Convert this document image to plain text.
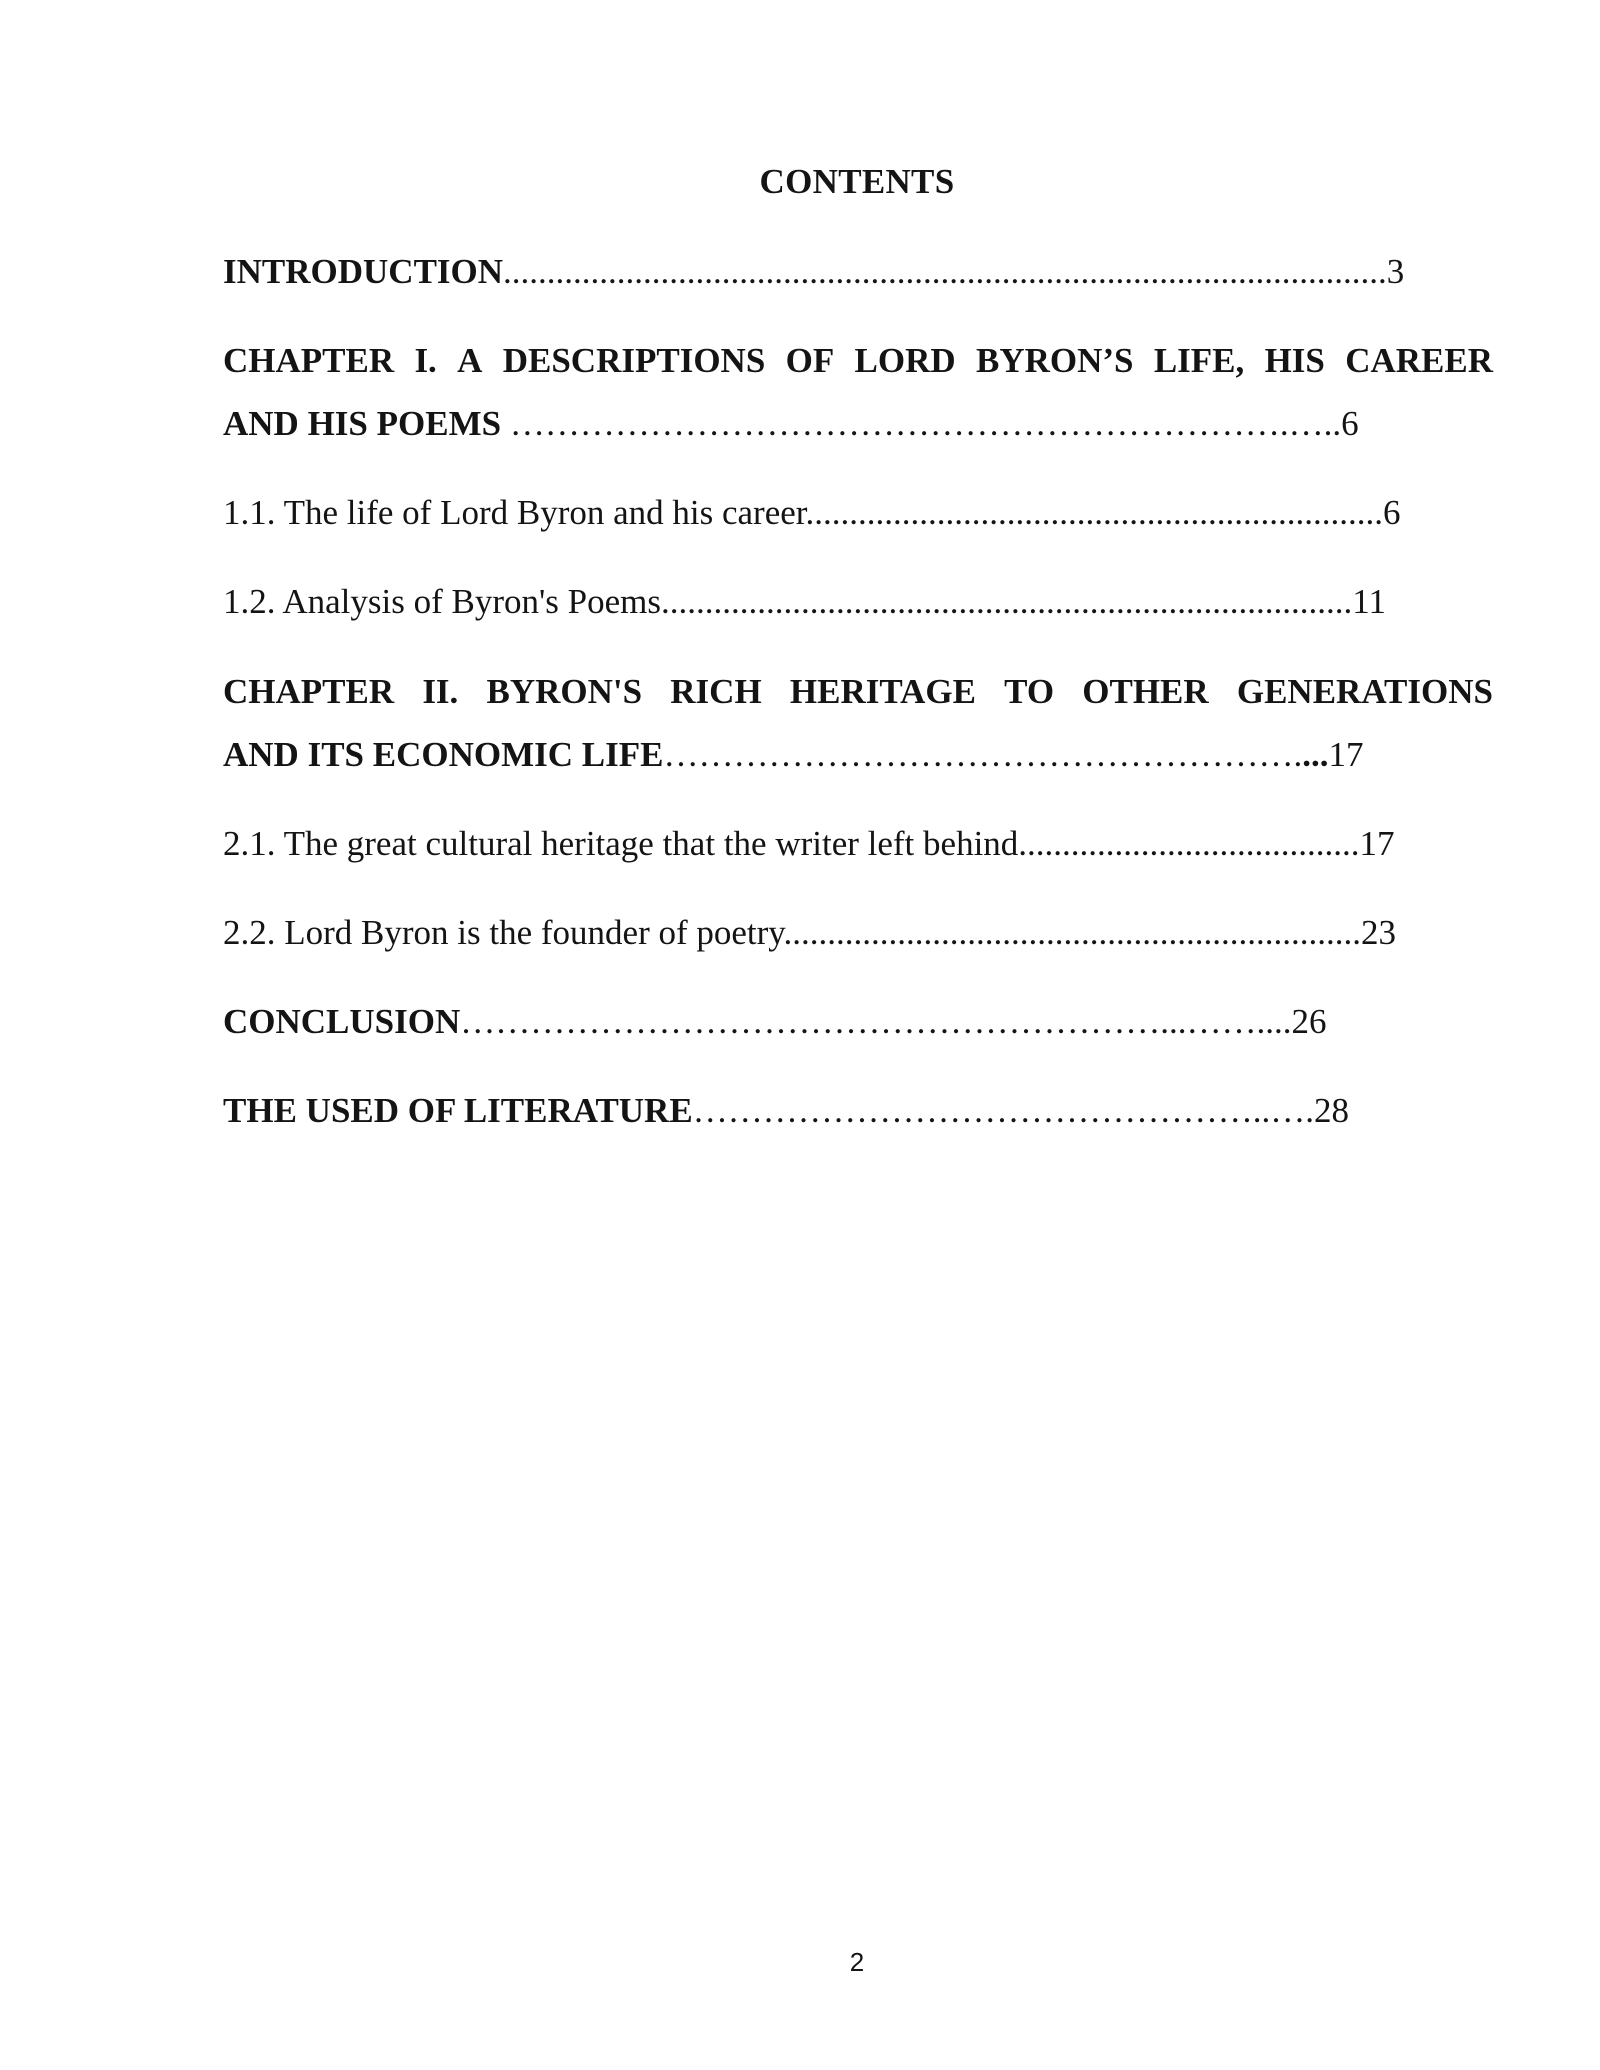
CONTENTS
INTRODUCTION.....................................................................................................3
CHAPTER I. A DESCRIPTIONS OF LORD BYRON’S LIFE, HIS CAREER
AND HIS POEMS ………………………………………………………….…..6
1.1. The life of Lord Byron and his career..................................................................6
1.2. Analysis of Byron's Poems...............................................................................11
CHAPTER II. BYRON'S RICH HERITAGE TO OTHER GENERATIONS
AND ITS ECONOMIC LIFE………………………………………………....17
2.1. The great cultural heritage that the writer left behind.......................................17
2.2. Lord Byron is the founder of poetry..................................................................23
CONCLUSION……………………………………………………...……....26
THE USED OF LITERATURE…………………………………………..….28
2
